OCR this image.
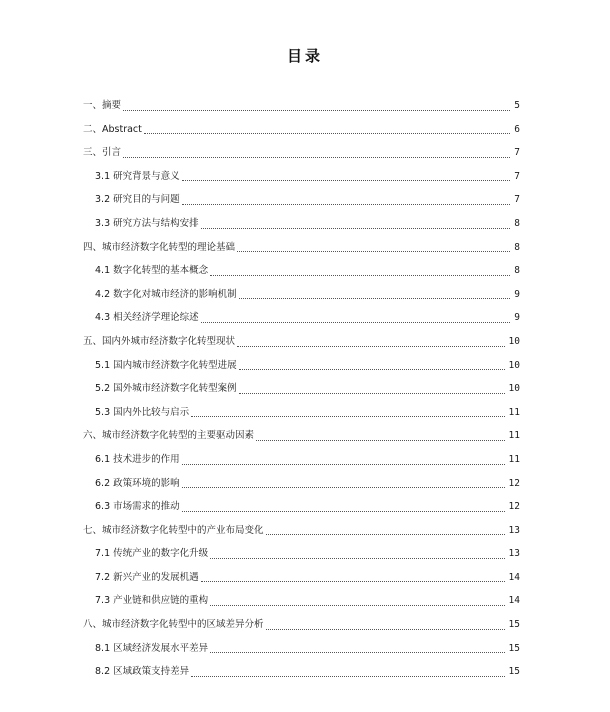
目录
一、摘要	5
二、Abstract	6
三、引言	7
3.1 研究背景与意义	7
3.2 研究目的与问题	7
3.3 研究方法与结构安排	8
四、城市经济数字化转型的理论基础	8
4.1 数字化转型的基本概念	8
4.2 数字化对城市经济的影响机制	9
4.3 相关经济学理论综述	9
五、国内外城市经济数字化转型现状	10
5.1 国内城市经济数字化转型进展	10
5.2 国外城市经济数字化转型案例	10
5.3 国内外比较与启示	11
六、城市经济数字化转型的主要驱动因素	11
6.1 技术进步的作用	11
6.2 政策环境的影响	12
6.3 市场需求的推动	12
七、城市经济数字化转型中的产业布局变化	13
7.1 传统产业的数字化升级	13
7.2 新兴产业的发展机遇	14
7.3 产业链和供应链的重构	14
八、城市经济数字化转型中的区域差异分析	15
8.1 区域经济发展水平差异	15
8.2 区域政策支持差异	15
